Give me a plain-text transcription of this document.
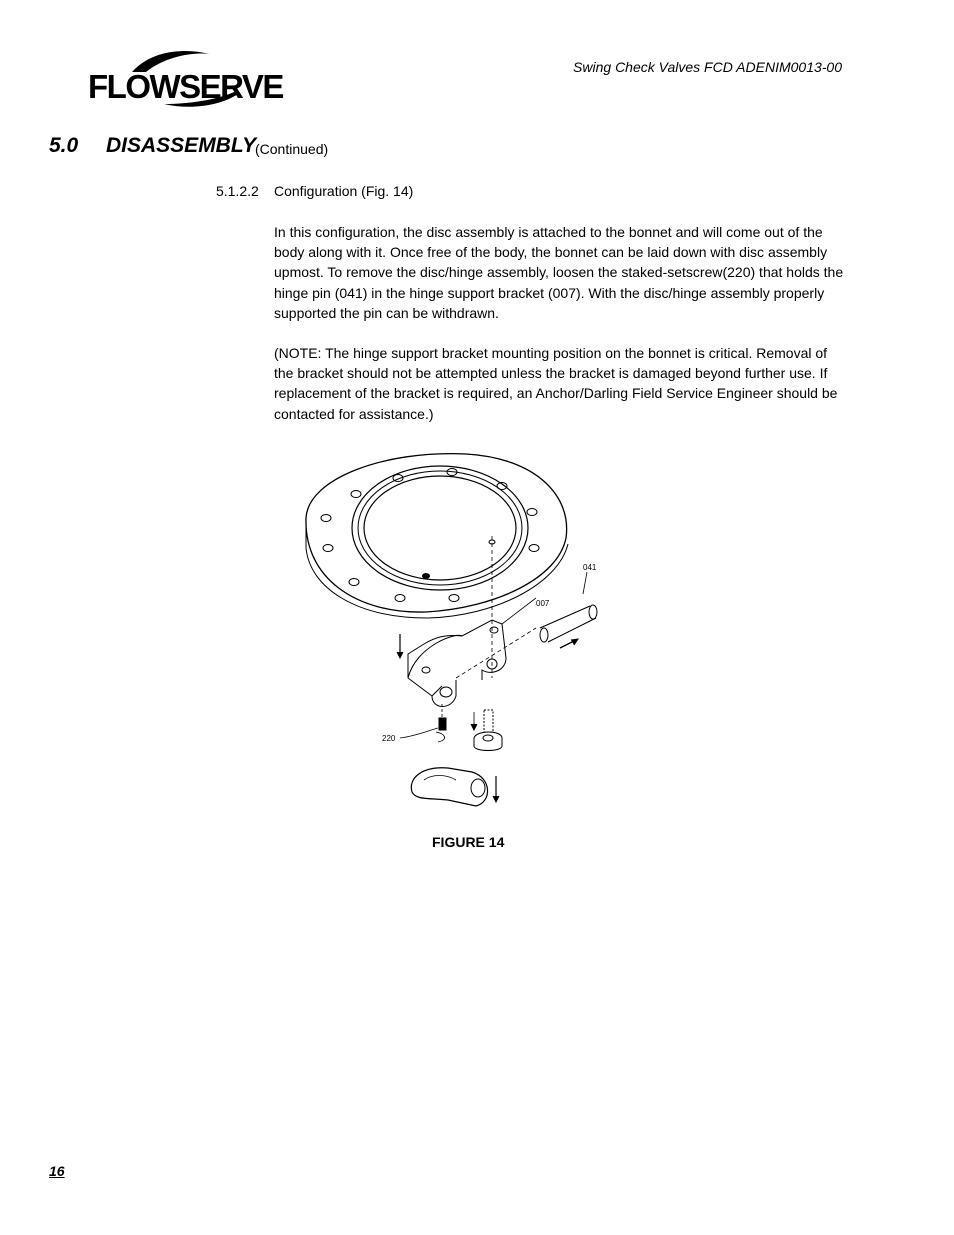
FLOWSERVE
Swing Check Valves FCD ADENIM0013-00
5.0 DISASSEMBLY
(Continued)
5.1.2.2 Configuration (Fig. 14)
In this configuration, the disc assembly is attached to the bonnet and will come out of the body along with it. Once free of the body, the bonnet can be laid down with disc assembly upmost. To remove the disc/hinge assembly, loosen the staked-setscrew(220) that holds the hinge pin (041) in the hinge support bracket (007). With the disc/hinge assembly properly supported the pin can be withdrawn.
(NOTE: The hinge support bracket mounting position on the bonnet is critical. Removal of the bracket should not be attempted unless the bracket is damaged beyond further use. If replacement of the bracket is required, an Anchor/Darling Field Service Engineer should be contacted for assistance.)
041
007
220
FIGURE 14
16
